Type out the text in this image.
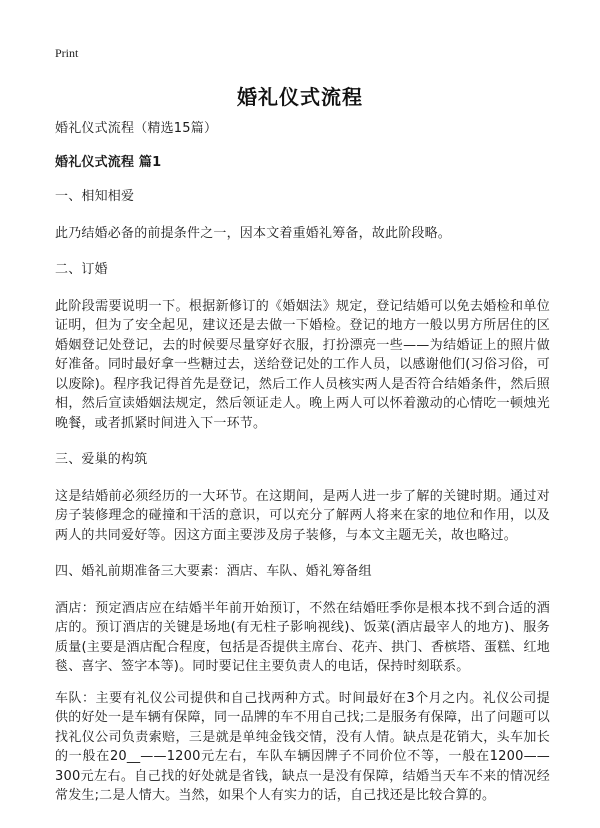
Print
婚礼仪式流程

婚礼仪式流程（精选15篇）

婚礼仪式流程 篇1

一、相知相爱

此乃结婚必备的前提条件之一，因本文着重婚礼筹备，故此阶段略。

二、订婚

此阶段需要说明一下。根据新修订的《婚姻法》规定，登记结婚可以免去婚检和单位证明，但为了安全起见，建议还是去做一下婚检。登记的地方一般以男方所居住的区婚姻登记处登记，去的时候要尽量穿好衣服，打扮漂亮一些——为结婚证上的照片做好准备。同时最好拿一些糖过去，送给登记处的工作人员，以感谢他们(习俗习俗，可以废除)。程序我记得首先是登记，然后工作人员核实两人是否符合结婚条件，然后照相，然后宣读婚姻法规定，然后领证走人。晚上两人可以怀着激动的心情吃一顿烛光晚餐，或者抓紧时间进入下一环节。

三、爱巢的构筑

这是结婚前必须经历的一大环节。在这期间，是两人进一步了解的关键时期。通过对房子装修理念的碰撞和干活的意识，可以充分了解两人将来在家的地位和作用，以及两人的共同爱好等。因这方面主要涉及房子装修，与本文主题无关，故也略过。

四、婚礼前期准备三大要素：酒店、车队、婚礼筹备组

酒店：预定酒店应在结婚半年前开始预订，不然在结婚旺季你是根本找不到合适的酒店的。预订酒店的关键是场地(有无柱子影响视线)、饭菜(酒店最宰人的地方)、服务质量(主要是酒店配合程度，包括是否提供主席台、花卉、拱门、香槟塔、蛋糕、红地毯、喜字、签字本等)。同时要记住主要负责人的电话，保持时刻联系。

车队：主要有礼仪公司提供和自己找两种方式。时间最好在3个月之内。礼仪公司提供的好处一是车辆有保障，同一品牌的车不用自己找;二是服务有保障，出了问题可以找礼仪公司负责索赔，三是就是单纯金钱交情，没有人情。缺点是花销大，头车加长的一般在20__——1200元左右，车队车辆因牌子不同价位不等，一般在1200——300元左右。自己找的好处就是省钱，缺点一是没有保障，结婚当天车不来的情况经常发生;二是人情大。当然，如果个人有实力的话，自己找还是比较合算的。
